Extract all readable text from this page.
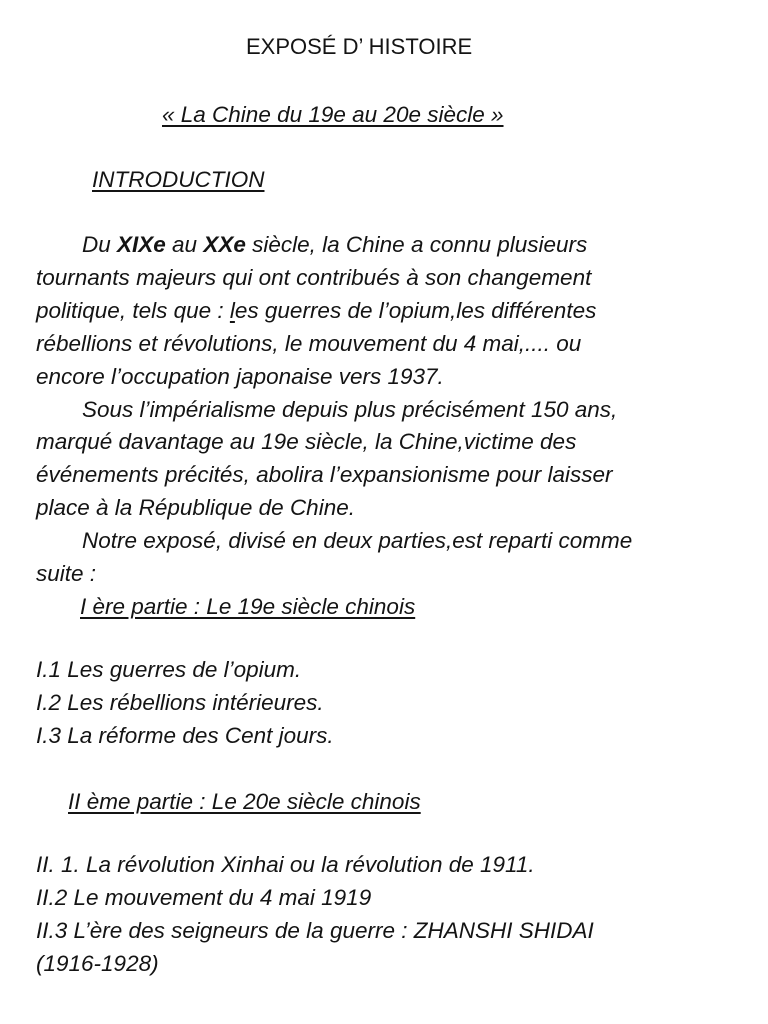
EXPOSÉ D’ HISTOIRE
« La Chine du 19e au 20e siècle »
INTRODUCTION
Du XIXe au XXe siècle, la Chine a connu plusieurs
tournants majeurs qui ont contribués à son changement
politique, tels que : les guerres de l’opium,les différentes
rébellions et révolutions, le mouvement du 4 mai,.... ou
encore l’occupation japonaise vers 1937.
Sous l’impérialisme depuis plus précisément 150 ans,
marqué davantage au 19e siècle, la Chine,victime des
événements précités, abolira l’expansionisme pour laisser
place à la République de Chine.
Notre exposé, divisé en deux parties,est reparti comme
suite :
I ère partie : Le 19e siècle chinois
I.1 Les guerres de l’opium.
I.2 Les rébellions intérieures.
I.3 La réforme des Cent jours.
II ème partie : Le 20e siècle chinois
II. 1. La révolution Xinhai ou la révolution de 1911.
II.2 Le mouvement du 4 mai 1919
II.3 L’ère des seigneurs de la guerre : ZHANSHI SHIDAI
(1916-1928)
